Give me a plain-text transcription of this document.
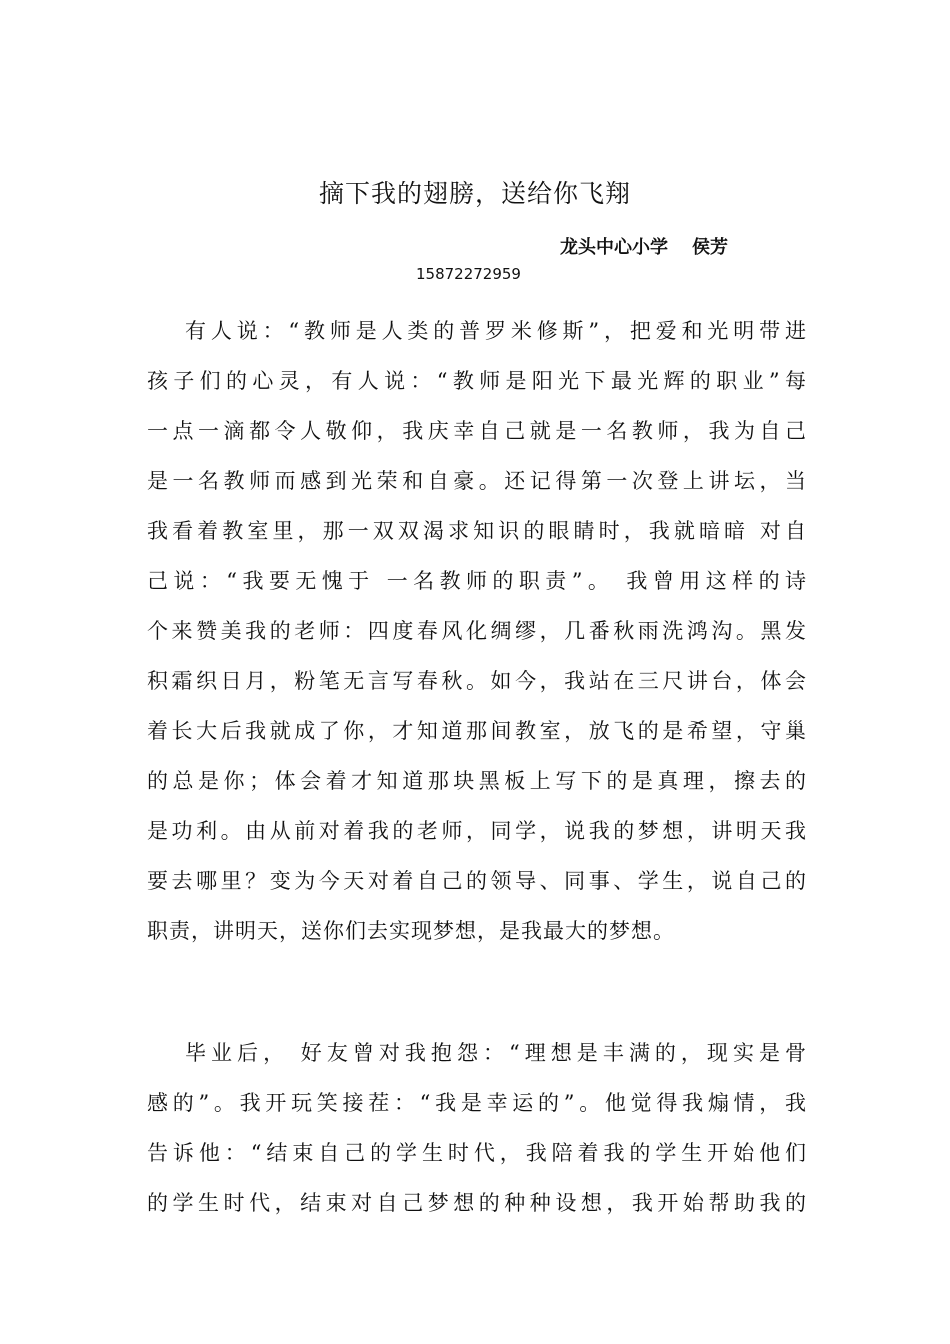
摘下我的翅膀，送给你飞翔
龙头中心小学 侯芳
15872272959
有人说：“教师是人类的普罗米修斯”，把爱和光明带进
孩子们的心灵，有人说：“教师是阳光下最光辉的职业”每
一点一滴都令人敬仰，我庆幸自己就是一名教师，我为自己
是一名教师而感到光荣和自豪。还记得第一次登上讲坛，当
我看着教室里，那一双双渴求知识的眼睛时，我就暗暗 对自
己说：“我要无愧于 一名教师的职责”。 我曾用这样的诗
个来赞美我的老师：四度春风化绸缪，几番秋雨洗鸿沟。黑发
积霜织日月，粉笔无言写春秋。如今，我站在三尺讲台，体会
着长大后我就成了你，才知道那间教室，放飞的是希望，守巢
的总是你；体会着才知道那块黑板上写下的是真理，擦去的
是功利。由从前对着我的老师，同学，说我的梦想，讲明天我
要去哪里？变为今天对着自己的领导、同事、学生，说自己的
职责，讲明天，送你们去实现梦想，是我最大的梦想。
毕业后， 好友曾对我抱怨：“理想是丰满的，现实是骨
感的”。我开玩笑接茬：“我是幸运的”。他觉得我煽情，我
告诉他：“结束自己的学生时代，我陪着我的学生开始他们
的学生时代，结束对自己梦想的种种设想，我开始帮助我的
